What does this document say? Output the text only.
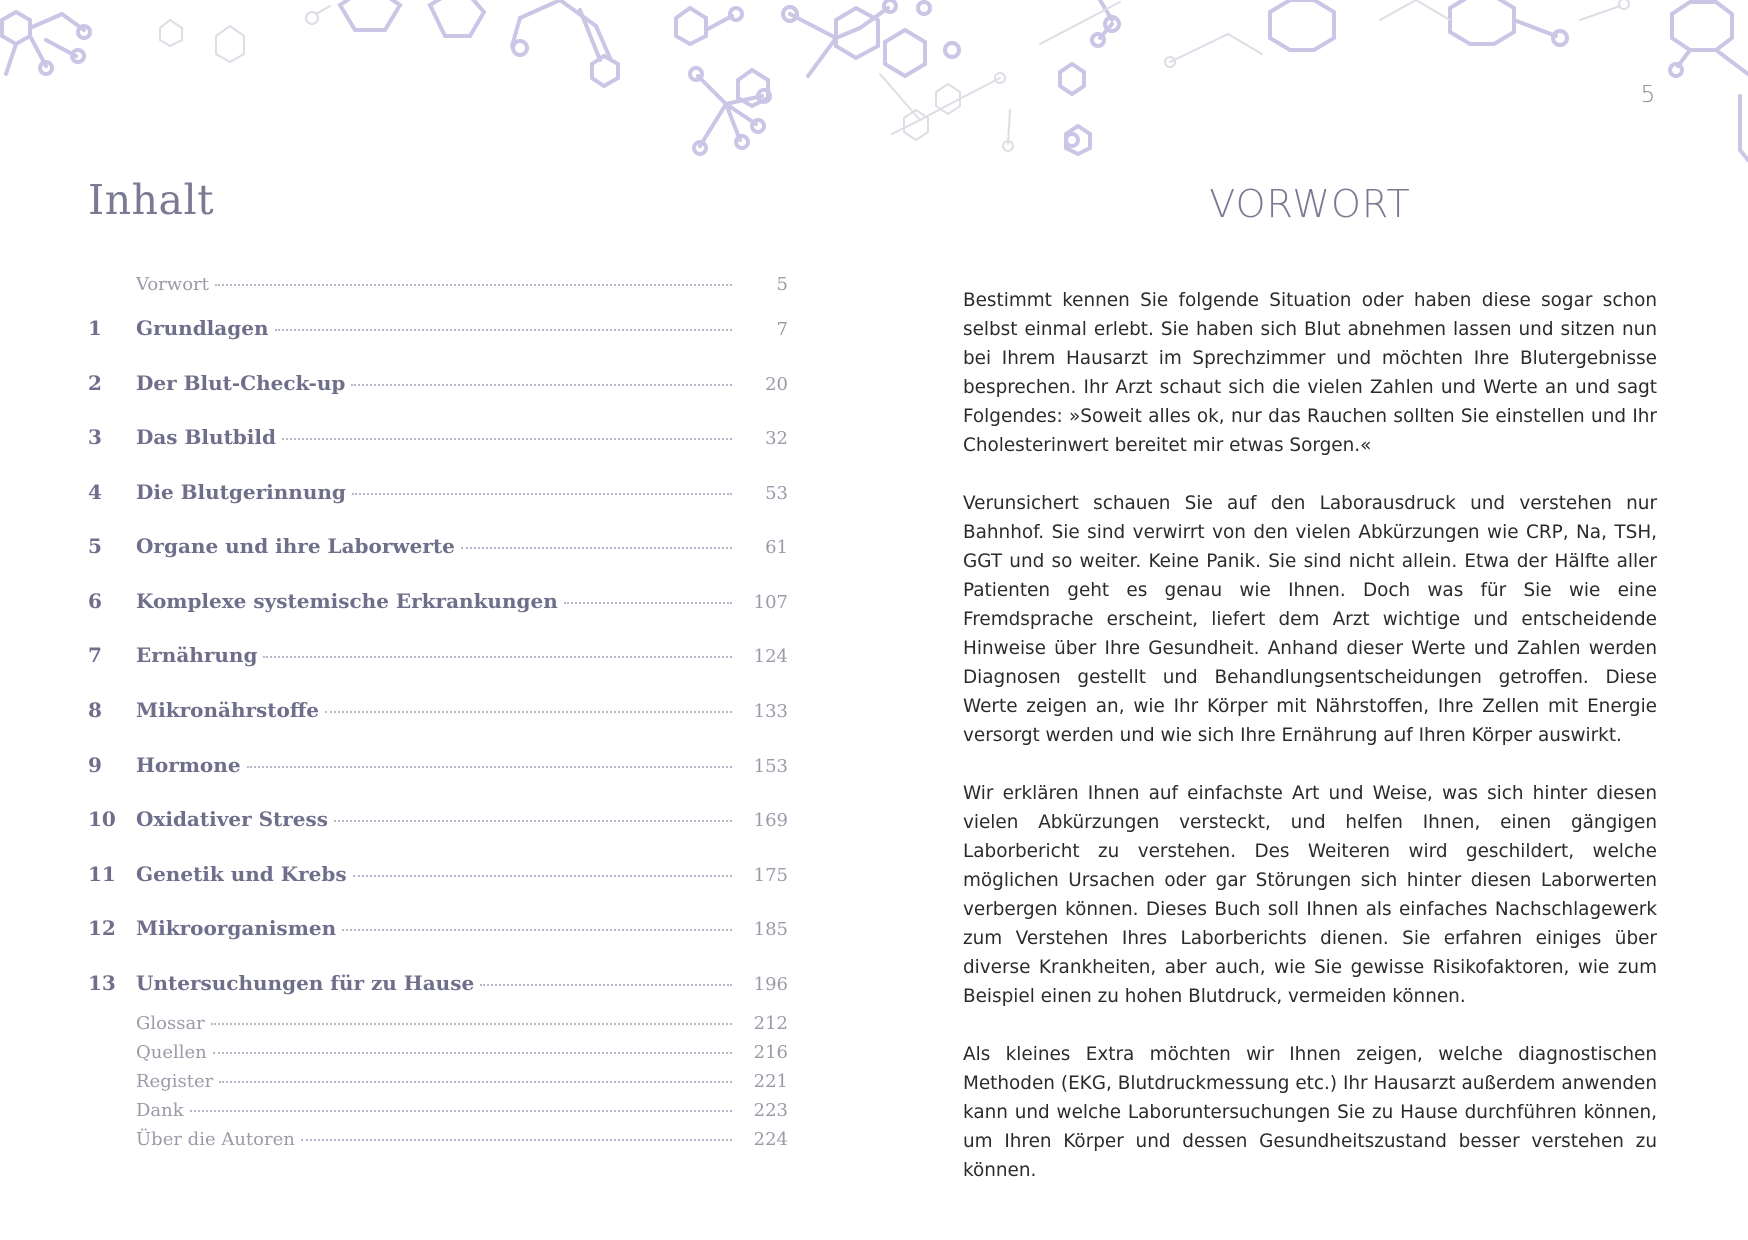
5
Inhalt	VORWORT
Vorwort	5
1	Grundlagen	7
2	Der Blut-Check-up	20
3	Das Blutbild	32
4	Die Blutgerinnung	53
5	Organe und ihre Laborwerte	61
6	Komplexe systemische Erkrankungen	107
7	Ernährung	124
8	Mikronährstoffe	133
9	Hormone	153
10	Oxidativer Stress	169
11	Genetik und Krebs	175
12	Mikroorganismen	185
13	Untersuchungen für zu Hause	196
Glossar	212
Quellen	216
Register	221
Dank	223
Über die Autoren	224

Bestimmt kennen Sie folgende Situation oder haben diese sogar schon selbst einmal erlebt. Sie haben sich Blut abnehmen lassen und sitzen nun bei Ihrem Hausarzt im Sprechzimmer und möchten Ihre Blutergebnisse besprechen. Ihr Arzt schaut sich die vielen Zahlen und Werte an und sagt Folgendes: »Soweit alles ok, nur das Rauchen sollten Sie einstellen und Ihr Cholesterinwert bereitet mir etwas Sorgen.«

Verunsichert schauen Sie auf den Laborausdruck und verstehen nur Bahnhof. Sie sind verwirrt von den vielen Abkürzungen wie CRP, Na, TSH, GGT und so weiter. Keine Panik. Sie sind nicht allein. Etwa der Hälfte aller Patienten geht es genau wie Ihnen. Doch was für Sie wie eine Fremdsprache erscheint, liefert dem Arzt wichtige und entscheidende Hinweise über Ihre Gesundheit. Anhand dieser Werte und Zahlen werden Diagnosen gestellt und Behandlungsentscheidungen getroffen. Diese Werte zeigen an, wie Ihr Körper mit Nährstoffen, Ihre Zellen mit Energie versorgt werden und wie sich Ihre Ernährung auf Ihren Körper auswirkt.

Wir erklären Ihnen auf einfachste Art und Weise, was sich hinter diesen vielen Abkürzungen versteckt, und helfen Ihnen, einen gängigen Laborbericht zu verstehen. Des Weiteren wird geschildert, welche möglichen Ursachen oder gar Störungen sich hinter diesen Laborwerten verbergen können. Dieses Buch soll Ihnen als einfaches Nachschlagewerk zum Verstehen Ihres Laborberichts dienen. Sie erfahren einiges über diverse Krankheiten, aber auch, wie Sie gewisse Risikofaktoren, wie zum Beispiel einen zu hohen Blutdruck, vermeiden können.

Als kleines Extra möchten wir Ihnen zeigen, welche diagnostischen Methoden (EKG, Blutdruckmessung etc.) Ihr Hausarzt außerdem anwenden kann und welche Laboruntersuchungen Sie zu Hause durchführen können, um Ihren Körper und dessen Gesundheitszustand besser verstehen zu können.
